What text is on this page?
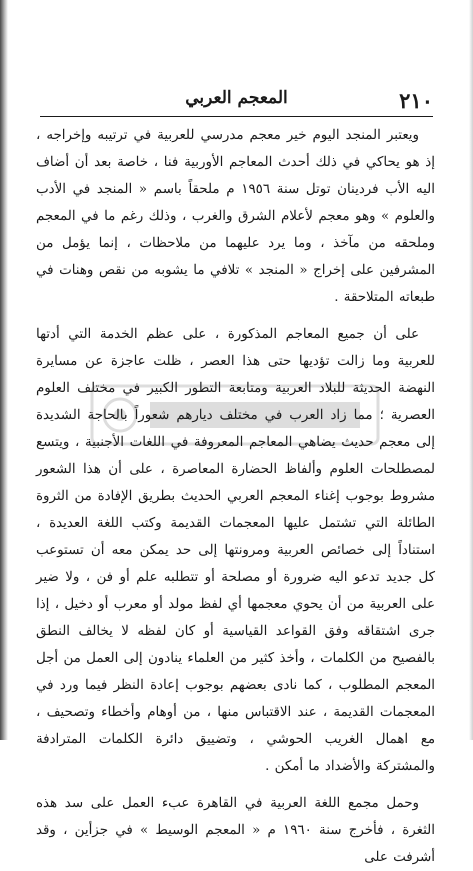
٢١٠
المعجم العربي

ويعتبر المنجد اليوم خير معجم مدرسي للعربية في ترتيبه وإخراجه ، إذ هو يحاكي في ذلك أحدث المعاجم الأوربية فنا ، خاصة بعد أن أضاف اليه الأب فردينان توتل سنة ١٩٥٦ م ملحقاً باسم « المنجد في الأدب والعلوم » وهو معجم لأعلام الشرق والغرب ، وذلك رغم ما في المعجم وملحقه من مآخذ ، وما يرد عليهما من ملاحظات ، إنما يؤمل من المشرفين على إخراج « المنجد » تلافي ما يشوبه من نقص وهنات في طبعاته المتلاحقة .

على أن جميع المعاجم المذكورة ، على عظم الخدمة التي أدتها للعربية وما زالت تؤديها حتى هذا العصر ، ظلت عاجزة عن مسايرة النهضة الحديثة للبلاد العربية ومتابعة التطور الكبير في مختلف العلوم العصرية ؛ مما زاد العرب في مختلف ديارهم شعوراً بالحاجة الشديدة إلى معجم حديث يضاهي المعاجم المعروفة في اللغات الأجنبية ، ويتسع لمصطلحات العلوم وألفاظ الحضارة المعاصرة ، على أن هذا الشعور مشروط بوجوب إغناء المعجم العربي الحديث بطريق الإفادة من الثروة الطائلة التي تشتمل عليها المعجمات القديمة وكتب اللغة العديدة ، استناداً إلى خصائص العربية ومرونتها إلى حد يمكن معه أن تستوعب كل جديد تدعو اليه ضرورة أو مصلحة أو تتطلبه علم أو فن ، ولا ضير على العربية من أن يحوي معجمها أي لفظ مولد أو معرب أو دخيل ، إذا جرى اشتقاقه وفق القواعد القياسية أو كان لفظه لا يخالف النطق بالفصيح من الكلمات ، وأخذ كثير من العلماء ينادون إلى العمل من أجل المعجم المطلوب ، كما نادى بعضهم بوجوب إعادة النظر فيما ورد في المعجمات القديمة ، عند الاقتباس منها ، من أوهام وأخطاء وتصحيف ، مع اهمال الغريب الحوشي ، وتضييق دائرة الكلمات المترادفة والمشتركة والأضداد ما أمكن .

وحمل مجمع اللغة العربية في القاهرة عبء العمل على سد هذه الثغرة ، فأخرج سنة ١٩٦٠ م « المعجم الوسيط » في جزأين ، وقد أشرفت على
